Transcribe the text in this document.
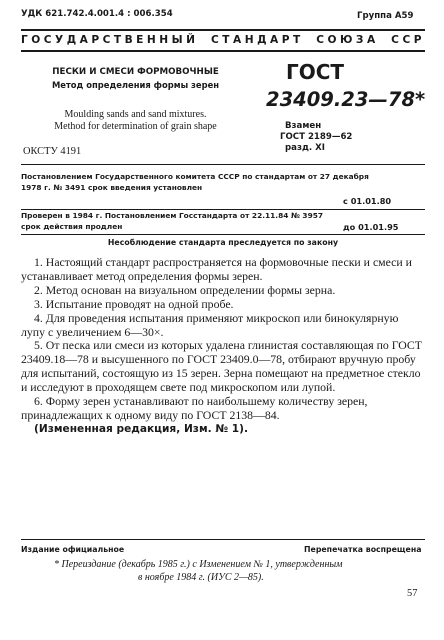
УДК 621.742.4.001.4 : 006.354	Группа А59
ГОСУДАРСТВЕННЫЙ СТАНДАРТ СОЮЗА ССР
ПЕСКИ И СМЕСИ ФОРМОВОЧНЫЕ
Метод определения формы зерен
Moulding sands and sand mixtures.
Method for determination of grain shape
ОКСТУ 4191
ГОСТ
23409.23—78*
Взамен
ГОСТ 2189—62
разд. XI
Постановлением Государственного комитета СССР по стандартам от 27 декабря
1978 г. № 3491 срок введения установлен
с 01.01.80
Проверен в 1984 г. Постановлением Госстандарта от 22.11.84 № 3957
срок действия продлен	до 01.01.95
Несоблюдение стандарта преследуется по закону

1. Настоящий стандарт распространяется на формовочные пески и смеси и устанавливает метод определения формы зерен.

2. Метод основан на визуальном определении формы зерна.

3. Испытание проводят на одной пробе.

4. Для проведения испытания применяют микроскоп или бинокулярную лупу с увеличением 6—30×.

5. От песка или смеси из которых удалена глинистая составляющая по ГОСТ 23409.18—78 и высушенного по ГОСТ 23409.0—78, отбирают вручную пробу для испытаний, состоящую из 15 зерен. Зерна помещают на предметное стекло и исследуют в проходящем свете под микроскопом или лупой.

6. Форму зерен устанавливают по наибольшему количеству зерен, принадлежащих к одному виду по ГОСТ 2138—84.

(Измененная редакция, Изм. № 1).

Издание официальное	Перепечатка воспрещена
* Переиздание (декабрь 1985 г.) с Изменением № 1, утвержденным
в ноябре 1984 г. (ИУС 2—85).
57
